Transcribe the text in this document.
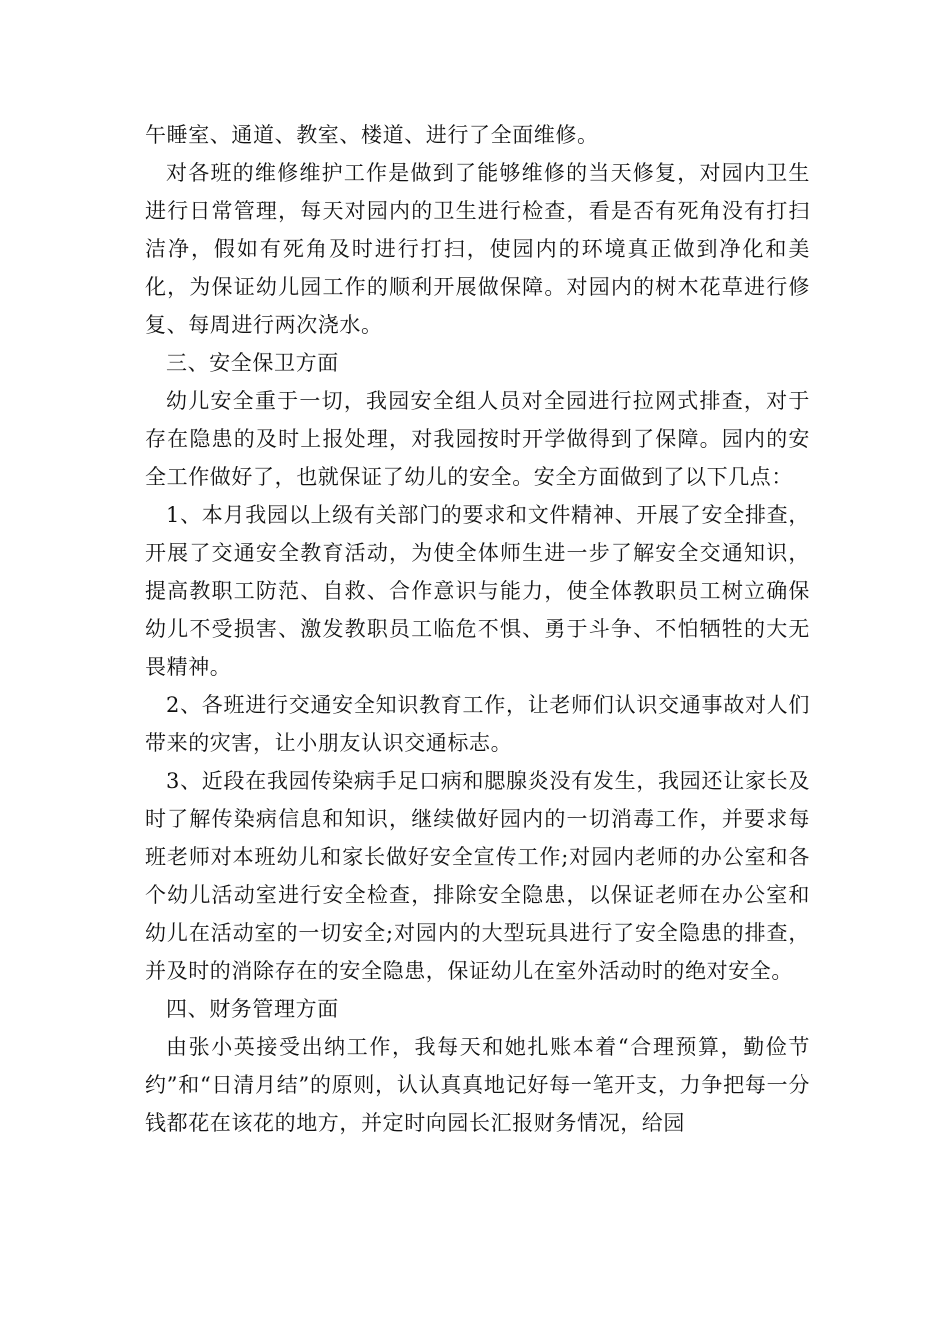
午睡室、通道、教室、楼道、进行了全面维修。

对各班的维修维护工作是做到了能够维修的当天修复，对园内卫生进行日常管理，每天对园内的卫生进行检查，看是否有死角没有打扫洁净，假如有死角及时进行打扫，使园内的环境真正做到净化和美化，为保证幼儿园工作的顺利开展做保障。对园内的树木花草进行修复、每周进行两次浇水。

三、安全保卫方面

幼儿安全重于一切，我园安全组人员对全园进行拉网式排查，对于存在隐患的及时上报处理，对我园按时开学做得到了保障。园内的安全工作做好了，也就保证了幼儿的安全。安全方面做到了以下几点：

1、本月我园以上级有关部门的要求和文件精神、开展了安全排查，开展了交通安全教育活动，为使全体师生进一步了解安全交通知识，提高教职工防范、自救、合作意识与能力，使全体教职员工树立确保幼儿不受损害、激发教职员工临危不惧、勇于斗争、不怕牺牲的大无畏精神。

2、各班进行交通安全知识教育工作，让老师们认识交通事故对人们带来的灾害，让小朋友认识交通标志。

3、近段在我园传染病手足口病和腮腺炎没有发生，我园还让家长及时了解传染病信息和知识，继续做好园内的一切消毒工作，并要求每班老师对本班幼儿和家长做好安全宣传工作;对园内老师的办公室和各个幼儿活动室进行安全检查，排除安全隐患，以保证老师在办公室和幼儿在活动室的一切安全;对园内的大型玩具进行了安全隐患的排查，并及时的消除存在的安全隐患，保证幼儿在室外活动时的绝对安全。

四、财务管理方面

由张小英接受出纳工作，我每天和她扎账本着“合理预算，勤俭节约”和“日清月结”的原则，认认真真地记好每一笔开支，力争把每一分钱都花在该花的地方，并定时向园长汇报财务情况，给园
